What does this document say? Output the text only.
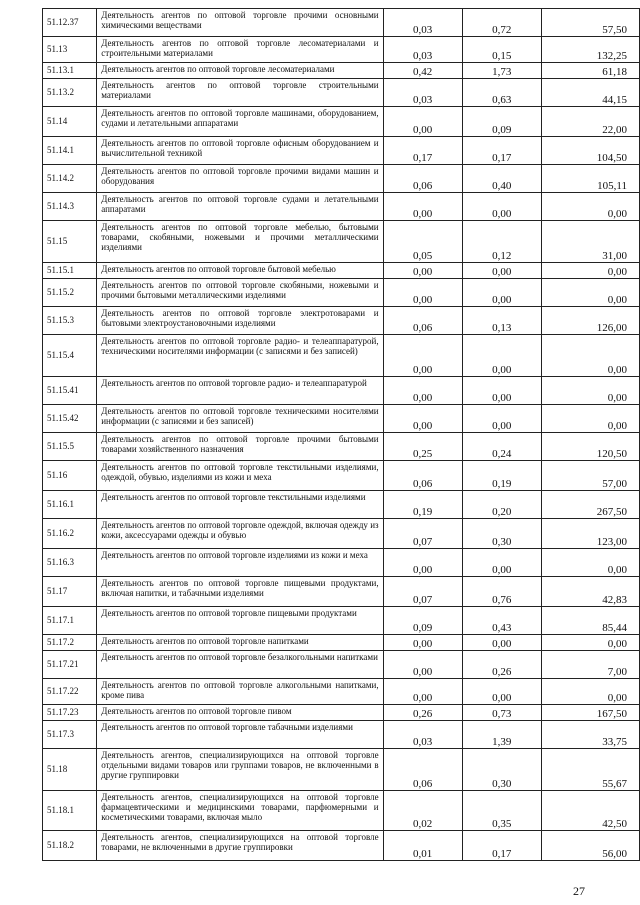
51.12.37	Деятельность агентов по оптовой торговле прочими основными химическими веществами	0,03	0,72	57,50
51.13	Деятельность агентов по оптовой торговле лесоматериалами и строительными материалами	0,03	0,15	132,25
51.13.1	Деятельность агентов по оптовой торговле лесоматериалами	0,42	1,73	61,18
51.13.2	Деятельность агентов по оптовой торговле строительными материалами	0,03	0,63	44,15
51.14	Деятельность агентов по оптовой торговле машинами, оборудованием, судами и летательными аппаратами	0,00	0,09	22,00
51.14.1	Деятельность агентов по оптовой торговле офисным оборудованием и вычислительной техникой	0,17	0,17	104,50
51.14.2	Деятельность агентов по оптовой торговле прочими видами машин и оборудования	0,06	0,40	105,11
51.14.3	Деятельность агентов по оптовой торговле судами и летательными аппаратами	0,00	0,00	0,00
51.15	Деятельность агентов по оптовой торговле мебелью, бытовыми товарами, скобяными, ножевыми и прочими металлическими изделиями	0,05	0,12	31,00
51.15.1	Деятельность агентов по оптовой торговле бытовой мебелью	0,00	0,00	0,00
51.15.2	Деятельность агентов по оптовой торговле скобяными, ножевыми и прочими бытовыми металлическими изделиями	0,00	0,00	0,00
51.15.3	Деятельность агентов по оптовой торговле электротоварами и бытовыми электроустановочными изделиями	0,06	0,13	126,00
51.15.4	Деятельность агентов по оптовой торговле радио- и телеаппаратурой, техническими носителями информации (с записями и без записей)	0,00	0,00	0,00
51.15.41	Деятельность агентов по оптовой торговле радио- и телеаппаратурой	0,00	0,00	0,00
51.15.42	Деятельность агентов по оптовой торговле техническими носителями информации (с записями и без записей)	0,00	0,00	0,00
51.15.5	Деятельность агентов по оптовой торговле прочими бытовыми товарами хозяйственного назначения	0,25	0,24	120,50
51.16	Деятельность агентов по оптовой торговле текстильными изделиями, одеждой, обувью, изделиями из кожи и меха	0,06	0,19	57,00
51.16.1	Деятельность агентов по оптовой торговле текстильными изделиями	0,19	0,20	267,50
51.16.2	Деятельность агентов по оптовой торговле одеждой, включая одежду из кожи, аксессуарами одежды и обувью	0,07	0,30	123,00
51.16.3	Деятельность агентов по оптовой торговле изделиями из кожи и меха	0,00	0,00	0,00
51.17	Деятельность агентов по оптовой торговле пищевыми продуктами, включая напитки, и табачными изделиями	0,07	0,76	42,83
51.17.1	Деятельность агентов по оптовой торговле пищевыми продуктами	0,09	0,43	85,44
51.17.2	Деятельность агентов по оптовой торговле напитками	0,00	0,00	0,00
51.17.21	Деятельность агентов по оптовой торговле безалкогольными напитками	0,00	0,26	7,00
51.17.22	Деятельность агентов по оптовой торговле алкогольными напитками, кроме пива	0,00	0,00	0,00
51.17.23	Деятельность агентов по оптовой торговле пивом	0,26	0,73	167,50
51.17.3	Деятельность агентов по оптовой торговле табачными изделиями	0,03	1,39	33,75
51.18	Деятельность агентов, специализирующихся на оптовой торговле отдельными видами товаров или группами товаров, не включенными в другие группировки	0,06	0,30	55,67
51.18.1	Деятельность агентов, специализирующихся на оптовой торговле фармацевтическими и медицинскими товарами, парфюмерными и косметическими товарами, включая мыло	0,02	0,35	42,50
51.18.2	Деятельность агентов, специализирующихся на оптовой торговле товарами, не включенными в другие группировки	0,01	0,17	56,00
27
